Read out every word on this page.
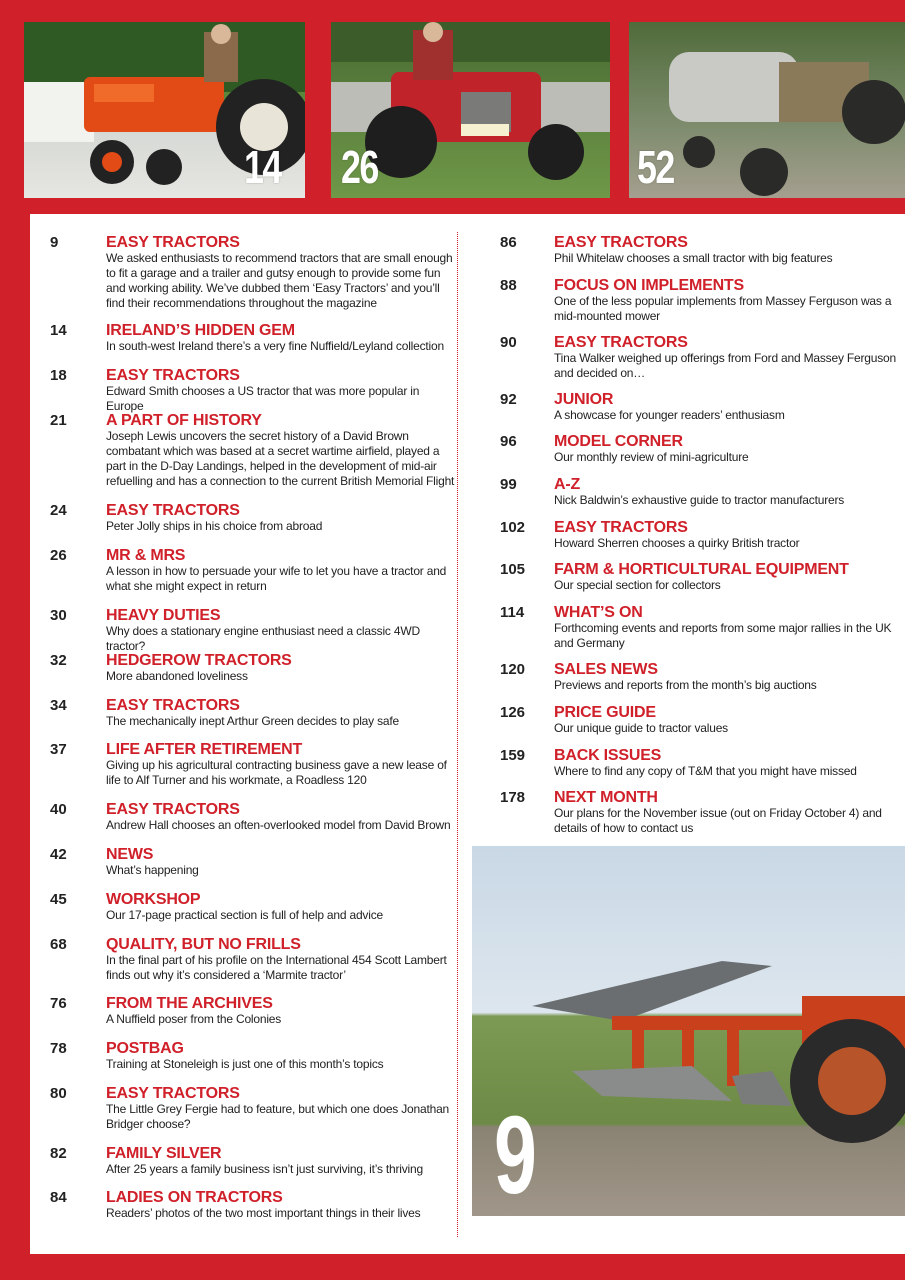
14 26	52
9	EASY TRACTORS
We asked enthusiasts to recommend tractors that are small enough to fit a garage and a trailer and gutsy enough to provide some fun and working ability. We’ve dubbed them ‘Easy Tractors’ and you’ll find their recommendations throughout the magazine
14	IRELAND’S HIDDEN GEM
In south-west Ireland there’s a very fine Nuffield/Leyland collection
18	EASY TRACTORS
Edward Smith chooses a US tractor that was more popular in Europe
21	A PART OF HISTORY
Joseph Lewis uncovers the secret history of a David Brown combatant which was based at a secret wartime airfield, played a part in the D-Day Landings, helped in the development of mid-air refuelling and has a connection to the current British Memorial Flight
24	EASY TRACTORS
Peter Jolly ships in his choice from abroad
26	MR & MRS
A lesson in how to persuade your wife to let you have a tractor and what she might expect in return
30	HEAVY DUTIES
Why does a stationary engine enthusiast need a classic 4WD tractor?
32	HEDGEROW TRACTORS
More abandoned loveliness
34	EASY TRACTORS
The mechanically inept Arthur Green decides to play safe
37	LIFE AFTER RETIREMENT
Giving up his agricultural contracting business gave a new lease of life to Alf Turner and his workmate, a Roadless 120
40	EASY TRACTORS
Andrew Hall chooses an often-overlooked model from David Brown
42	NEWS
What’s happening
45	WORKSHOP
Our 17-page practical section is full of help and advice
68	QUALITY, BUT NO FRILLS
In the final part of his profile on the International 454 Scott Lambert finds out why it’s considered a ‘Marmite tractor’
76	FROM THE ARCHIVES
A Nuffield poser from the Colonies
78	POSTBAG
Training at Stoneleigh is just one of this month’s topics
80	EASY TRACTORS
The Little Grey Fergie had to feature, but which one does Jonathan Bridger choose?
82	FAMILY SILVER
After 25 years a family business isn’t just surviving, it’s thriving
84	LADIES ON TRACTORS
Readers’ photos of the two most important things in their lives
86	EASY TRACTORS
Phil Whitelaw chooses a small tractor with big features
88	FOCUS ON IMPLEMENTS
One of the less popular implements from Massey Ferguson was a mid-mounted mower
90	EASY TRACTORS
Tina Walker weighed up offerings from Ford and Massey Ferguson and decided on…
92	JUNIOR
A showcase for younger readers’ enthusiasm
96	MODEL CORNER
Our monthly review of mini-agriculture
99	A-Z
Nick Baldwin’s exhaustive guide to tractor manufacturers
102	EASY TRACTORS
Howard Sherren chooses a quirky British tractor
105	FARM & HORTICULTURAL EQUIPMENT
Our special section for collectors
114	WHAT’S ON
Forthcoming events and reports from some major rallies in the UK and Germany
120	SALES NEWS
Previews and reports from the month’s big auctions
126	PRICE GUIDE
Our unique guide to tractor values
159	BACK ISSUES
Where to find any copy of T&M that you might have missed
178	NEXT MONTH
Our plans for the November issue (out on Friday October 4) and details of how to contact us
9
